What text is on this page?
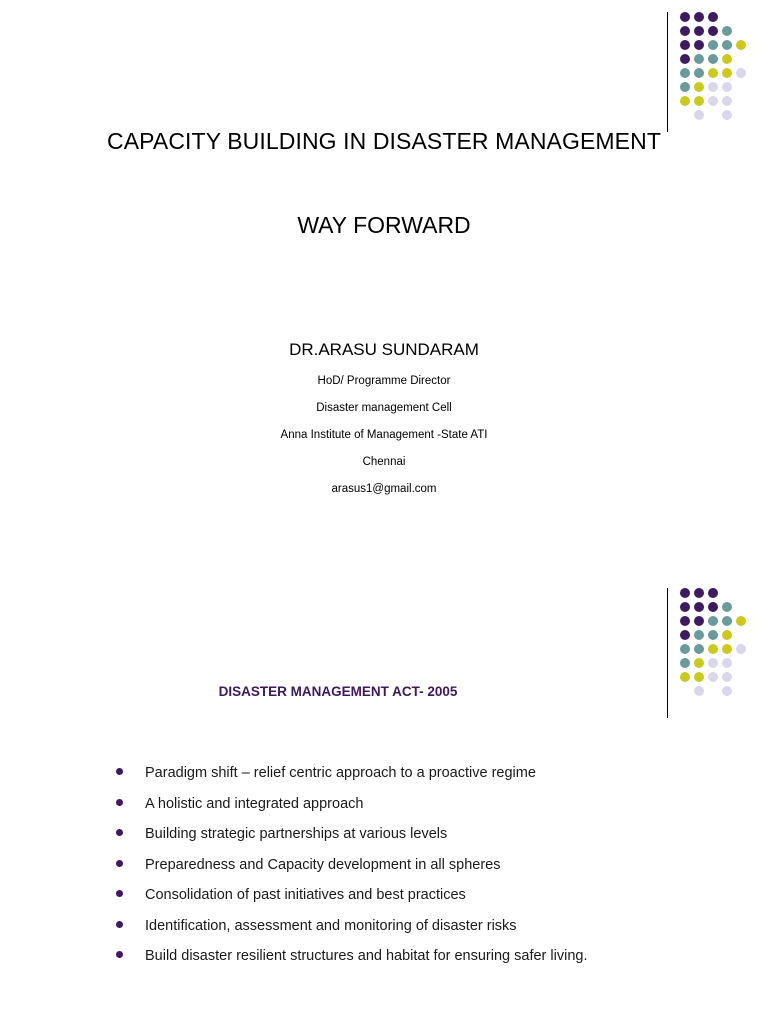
CAPACITY BUILDING IN DISASTER MANAGEMENT
WAY FORWARD
DR.ARASU SUNDARAM
HoD/ Programme Director
Disaster management Cell
Anna Institute of Management -State ATI
Chennai
arasus1@gmail.com
DISASTER MANAGEMENT ACT- 2005
Paradigm shift – relief centric approach to a proactive regime
A holistic and integrated approach
Building strategic partnerships at various levels
Preparedness and Capacity development in all spheres
Consolidation of past initiatives and best practices
Identification, assessment and monitoring of disaster risks
Build disaster resilient structures and habitat for ensuring safer living.
